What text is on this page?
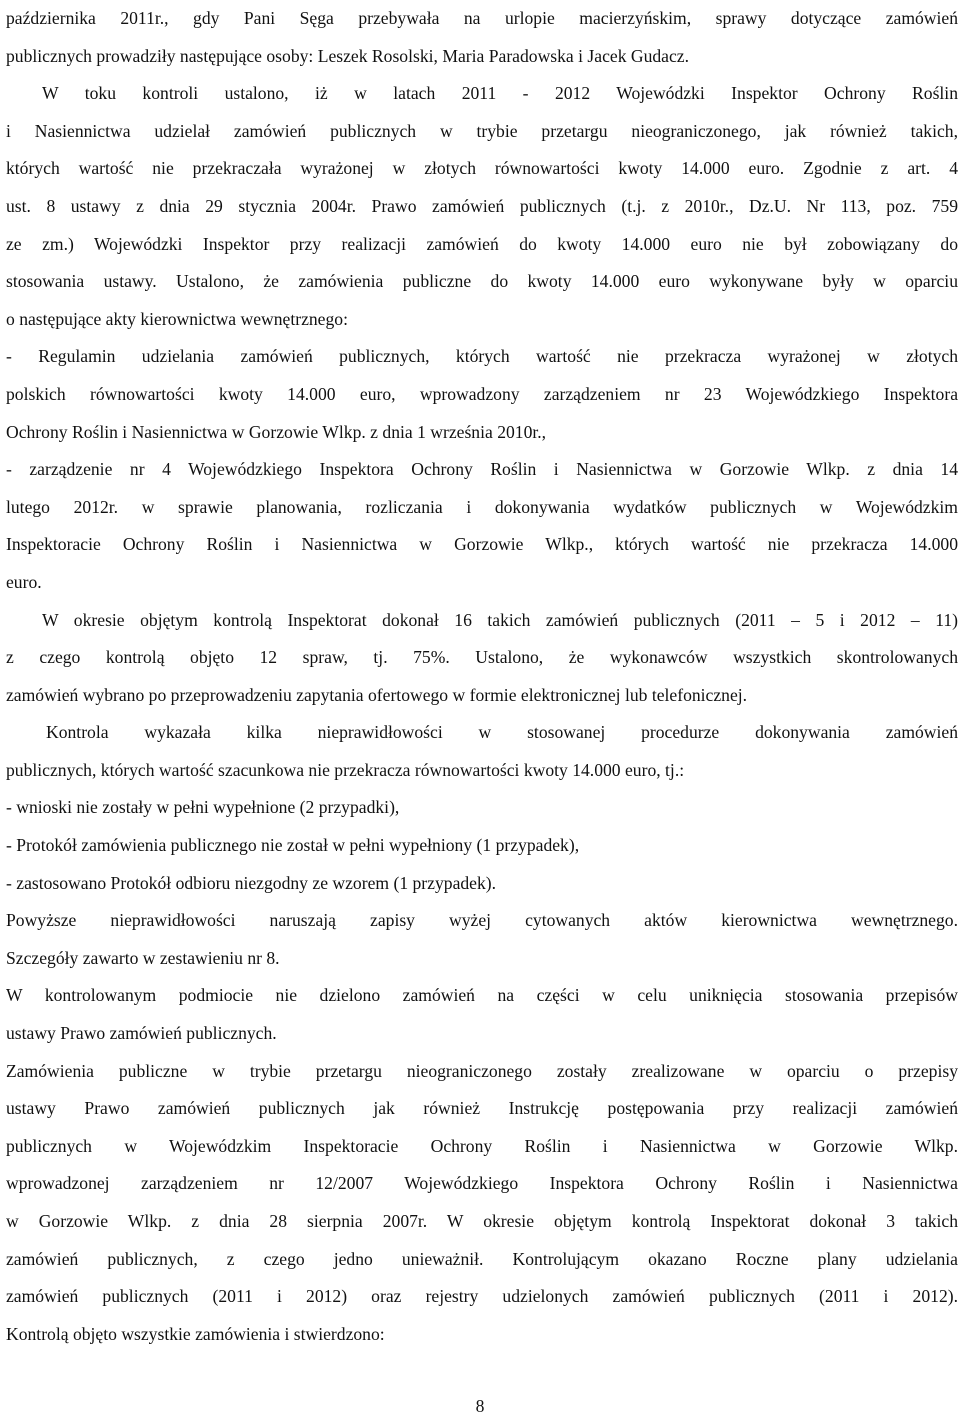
października 2011r., gdy Pani Sęga przebywała na urlopie macierzyńskim, sprawy dotyczące zamówień
publicznych prowadziły następujące osoby: Leszek Rosolski, Maria Paradowska i Jacek Gudacz.
W toku kontroli ustalono, iż w latach 2011 - 2012 Wojewódzki Inspektor Ochrony Roślin
i Nasiennictwa udzielał zamówień publicznych w trybie przetargu nieograniczonego, jak również takich,
których wartość nie przekraczała wyrażonej w złotych równowartości kwoty 14.000 euro. Zgodnie z art. 4
ust. 8 ustawy z dnia 29 stycznia 2004r. Prawo zamówień publicznych (t.j. z 2010r., Dz.U. Nr 113, poz. 759
ze zm.) Wojewódzki Inspektor przy realizacji zamówień do kwoty 14.000 euro nie był zobowiązany do
stosowania ustawy. Ustalono, że zamówienia publiczne do kwoty 14.000 euro wykonywane były w oparciu
o następujące akty kierownictwa wewnętrznego:
- Regulamin udzielania zamówień publicznych, których wartość nie przekracza wyrażonej w złotych
polskich równowartości kwoty 14.000 euro, wprowadzony zarządzeniem nr 23 Wojewódzkiego Inspektora
Ochrony Roślin i Nasiennictwa w Gorzowie Wlkp. z dnia 1 września 2010r.,
- zarządzenie nr 4 Wojewódzkiego Inspektora Ochrony Roślin i Nasiennictwa w Gorzowie Wlkp. z dnia 14
lutego 2012r. w sprawie planowania, rozliczania i dokonywania wydatków publicznych w Wojewódzkim
Inspektoracie Ochrony Roślin i Nasiennictwa w Gorzowie Wlkp., których wartość nie przekracza 14.000
euro.
W okresie objętym kontrolą Inspektorat dokonał 16 takich zamówień publicznych (2011 – 5 i 2012 – 11)
z czego kontrolą objęto 12 spraw, tj. 75%. Ustalono, że wykonawców wszystkich skontrolowanych
zamówień wybrano po przeprowadzeniu zapytania ofertowego w formie elektronicznej lub telefonicznej.
Kontrola wykazała kilka nieprawidłowości w stosowanej procedurze dokonywania zamówień
publicznych, których wartość szacunkowa nie przekracza równowartości kwoty 14.000 euro, tj.:
- wnioski nie zostały w pełni wypełnione (2 przypadki),
- Protokół zamówienia publicznego nie został w pełni wypełniony (1 przypadek),
- zastosowano Protokół odbioru niezgodny ze wzorem (1 przypadek).
Powyższe nieprawidłowości naruszają zapisy wyżej cytowanych aktów kierownictwa wewnętrznego.
Szczegóły zawarto w zestawieniu nr 8.
W kontrolowanym podmiocie nie dzielono zamówień na części w celu uniknięcia stosowania przepisów
ustawy Prawo zamówień publicznych.
Zamówienia publiczne w trybie przetargu nieograniczonego zostały zrealizowane w oparciu o przepisy
ustawy Prawo zamówień publicznych jak również Instrukcję postępowania przy realizacji zamówień
publicznych w Wojewódzkim Inspektoracie Ochrony Roślin i Nasiennictwa w Gorzowie Wlkp.
wprowadzonej zarządzeniem nr 12/2007 Wojewódzkiego Inspektora Ochrony Roślin i Nasiennictwa
w Gorzowie Wlkp. z dnia 28 sierpnia 2007r. W okresie objętym kontrolą Inspektorat dokonał 3 takich
zamówień publicznych, z czego jedno unieważnił. Kontrolującym okazano Roczne plany udzielania
zamówień publicznych (2011 i 2012) oraz rejestry udzielonych zamówień publicznych (2011 i 2012).
Kontrolą objęto wszystkie zamówienia i stwierdzono:
8
